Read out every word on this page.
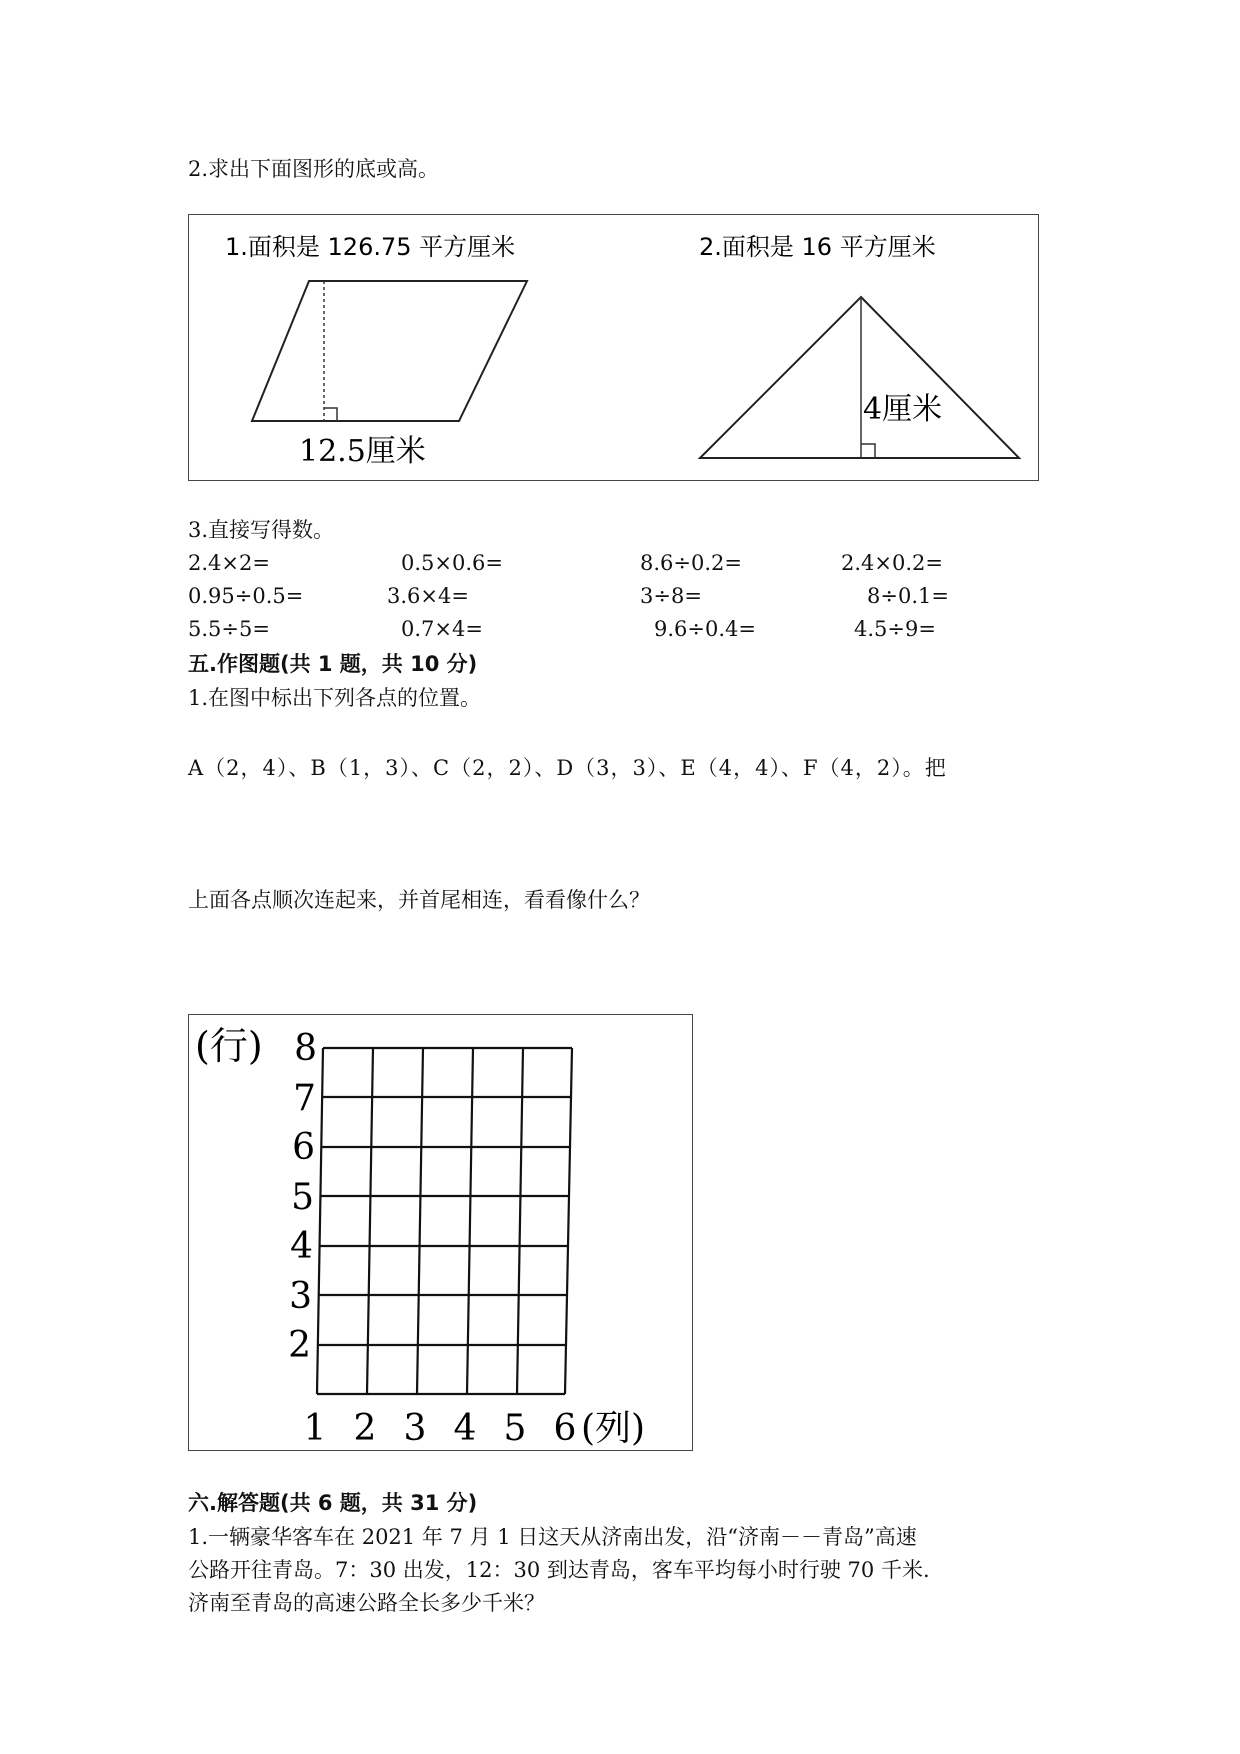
2.求出下面图形的底或高。
1.面积是 126.75 平方厘米
12.5厘米
2.面积是 16 平方厘米
4厘米
3.直接写得数。
2.4×2=	0.5×0.6=	8.6÷0.2=	2.4×0.2=
0.95÷0.5=	3.6×4=	3÷8=	8÷0.1=
5.5÷5=	0.7×4=	9.6÷0.4=	4.5÷9=
五.作图题(共 1 题，共 10 分)
1.在图中标出下列各点的位置。
A（2，4）、B（1，3）、C（2，2）、D（3，3）、E（4，4）、F（4，2）。把
上面各点顺次连起来，并首尾相连，看看像什么？
(行) 8
7
6
5
4
3
2
1 2 3 4 5 6 (列)
六.解答题(共 6 题，共 31 分)
1.一辆豪华客车在 2021 年 7 月 1 日这天从济南出发，沿“济南－－青岛”高速
公路开往青岛。7：30 出发，12：30 到达青岛，客车平均每小时行驶 70 千米.
济南至青岛的高速公路全长多少千米？
